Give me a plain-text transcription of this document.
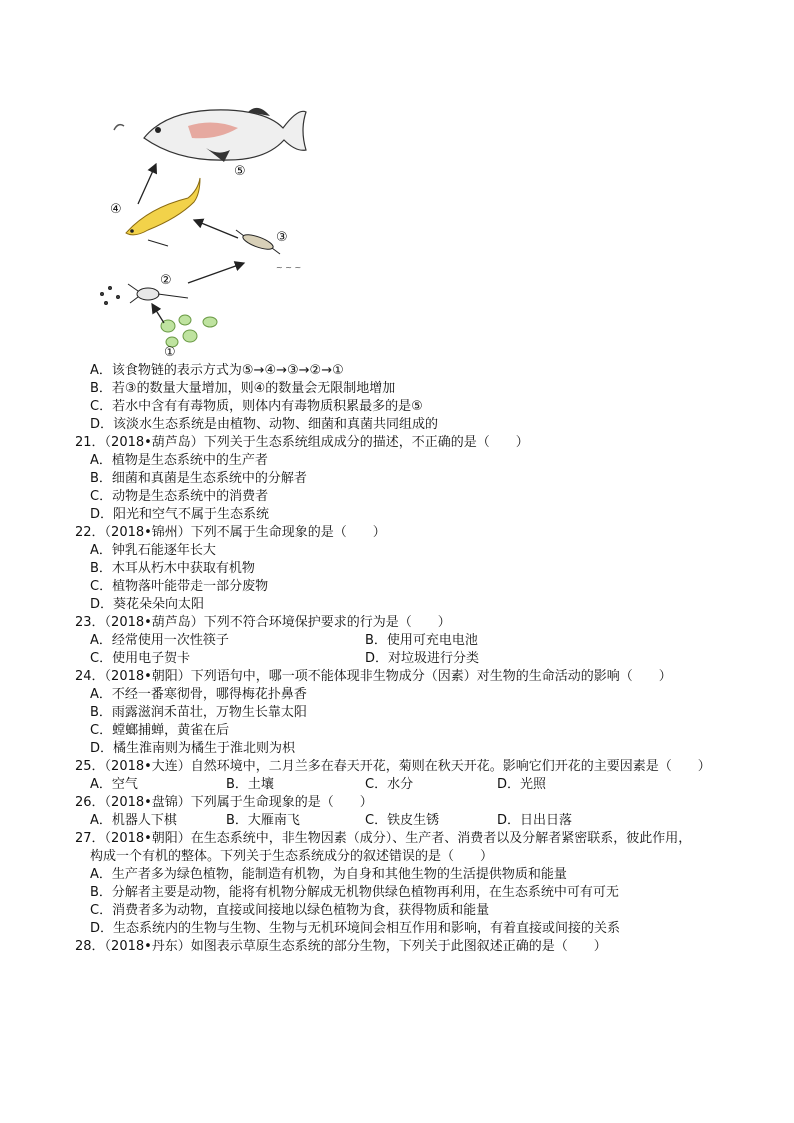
~ ~ ~
①
②
③
④
⑤
A．该食物链的表示方式为⑤→④→③→②→①
B．若③的数量大量增加，则④的数量会无限制地增加
C．若水中含有有毒物质，则体内有毒物质积累最多的是⑤
D．该淡水生态系统是由植物、动物、细菌和真菌共同组成的
21．（2018•葫芦岛）下列关于生态系统组成成分的描述，不正确的是（　　）
A．植物是生态系统中的生产者
B．细菌和真菌是生态系统中的分解者
C．动物是生态系统中的消费者
D．阳光和空气不属于生态系统
22．（2018•锦州）下列不属于生命现象的是（　　）
A．钟乳石能逐年长大
B．木耳从朽木中获取有机物
C．植物落叶能带走一部分废物
D．葵花朵朵向太阳
23．（2018•葫芦岛）下列不符合环境保护要求的行为是（　　）
A．经常使用一次性筷子	B．使用可充电电池
C．使用电子贺卡	D．对垃圾进行分类
24．（2018•朝阳）下列语句中，哪一项不能体现非生物成分（因素）对生物的生命活动的影响（　　）
A．不经一番寒彻骨，哪得梅花扑鼻香
B．雨露滋润禾苗壮，万物生长靠太阳
C．螳螂捕蝉，黄雀在后
D．橘生淮南则为橘生于淮北则为枳
25．（2018•大连）自然环境中，二月兰多在春天开花，菊则在秋天开花。影响它们开花的主要因素是（　　）
A．空气	B．土壤	C．水分	D．光照
26．（2018•盘锦）下列属于生命现象的是（　　）
A．机器人下棋	B．大雁南飞	C．铁皮生锈	D．日出日落
27．（2018•朝阳）在生态系统中，非生物因素（成分）、生产者、消费者以及分解者紧密联系，彼此作用，
构成一个有机的整体。下列关于生态系统成分的叙述错误的是（　　）
A．生产者多为绿色植物，能制造有机物，为自身和其他生物的生活提供物质和能量
B．分解者主要是动物，能将有机物分解成无机物供绿色植物再利用，在生态系统中可有可无
C．消费者多为动物，直接或间接地以绿色植物为食，获得物质和能量
D．生态系统内的生物与生物、生物与无机环境间会相互作用和影响，有着直接或间接的关系
28．（2018•丹东）如图表示草原生态系统的部分生物，下列关于此图叙述正确的是（　　）
